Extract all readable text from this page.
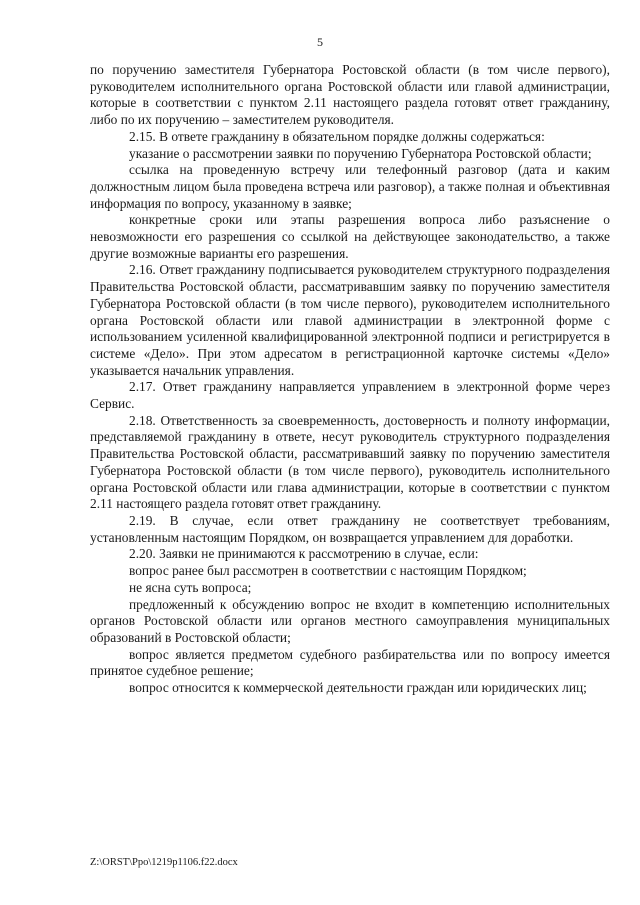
5

по поручению заместителя Губернатора Ростовской области (в том числе первого), руководителем исполнительного органа Ростовской области или главой администрации, которые в соответствии с пунктом 2.11 настоящего раздела готовят ответ гражданину, либо по их поручению – заместителем руководителя.

2.15. В ответе гражданину в обязательном порядке должны содержаться:

указание о рассмотрении заявки по поручению Губернатора Ростовской области;

ссылка на проведенную встречу или телефонный разговор (дата и каким должностным лицом была проведена встреча или разговор), а также полная и объективная информация по вопросу, указанному в заявке;

конкретные сроки или этапы разрешения вопроса либо разъяснение о невозможности его разрешения со ссылкой на действующее законодательство, а также другие возможные варианты его разрешения.

2.16. Ответ гражданину подписывается руководителем структурного подразделения Правительства Ростовской области, рассматривавшим заявку по поручению заместителя Губернатора Ростовской области (в том числе первого), руководителем исполнительного органа Ростовской области или главой администрации в электронной форме с использованием усиленной квалифицированной электронной подписи и регистрируется в системе «Дело». При этом адресатом в регистрационной карточке системы «Дело» указывается начальник управления.

2.17. Ответ гражданину направляется управлением в электронной форме через Сервис.

2.18. Ответственность за своевременность, достоверность и полноту информации, представляемой гражданину в ответе, несут руководитель структурного подразделения Правительства Ростовской области, рассматривавший заявку по поручению заместителя Губернатора Ростовской области (в том числе первого), руководитель исполнительного органа Ростовской области или глава администрации, которые в соответствии с пунктом 2.11 настоящего раздела готовят ответ гражданину.

2.19. В случае, если ответ гражданину не соответствует требованиям, установленным настоящим Порядком, он возвращается управлением для доработки.

2.20. Заявки не принимаются к рассмотрению в случае, если:

вопрос ранее был рассмотрен в соответствии с настоящим Порядком;

не ясна суть вопроса;

предложенный к обсуждению вопрос не входит в компетенцию исполнительных органов Ростовской области или органов местного самоуправления муниципальных образований в Ростовской области;

вопрос является предметом судебного разбирательства или по вопросу имеется принятое судебное решение;

вопрос относится к коммерческой деятельности граждан или юридических лиц;

Z:\ORST\Ppo\1219p1106.f22.docx
